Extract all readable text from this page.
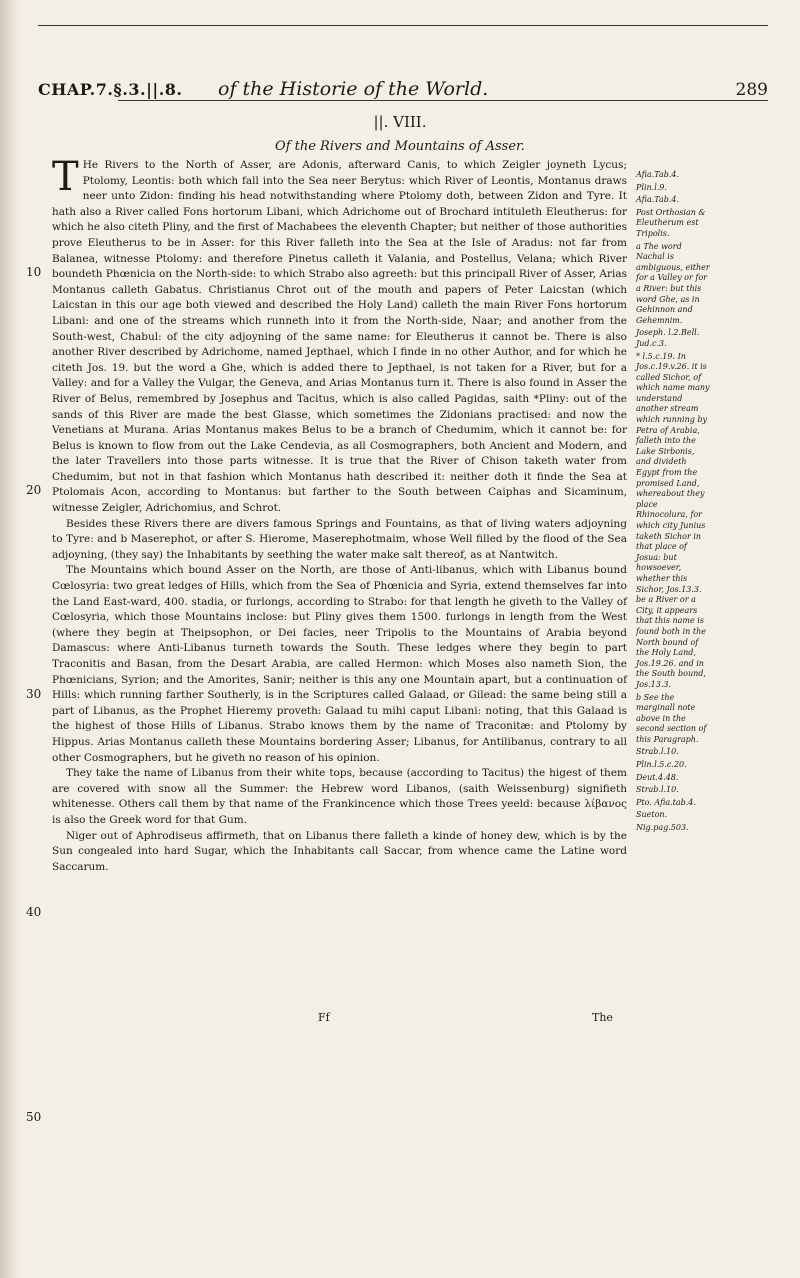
CHAP.7.§.3.||.8. of the Historie of the World.	289
||. VIII.
Of the Rivers and Mountains of Asser.
10
20
30
40
50

T He Rivers to the North of Asser, are Adonis, afterward Canis, to which Zeigler joyneth Lycus; Ptolomy, Leontis: both which fall into the Sea neer Berytus: which River of Leontis, Montanus draws neer unto Zidon: finding his head notwithstanding where Ptolomy doth, between Zidon and Tyre. It hath also a River called Fons hortorum Libani, which Adrichome out of Brochard intituleth Eleutherus: for which he also citeth Pliny, and the first of Machabees the eleventh Chapter; but neither of those authorities prove Eleutherus to be in Asser: for this River falleth into the Sea at the Isle of Aradus: not far from Balanea, witnesse Ptolomy: and therefore Pinetus calleth it Valania, and Postellus, Velana; which River boundeth Phœnicia on the North-side: to which Strabo also agreeth: but this principall River of Asser, Arias Montanus calleth Gabatus. Christianus Chrot out of the mouth and papers of Peter Laicstan (which Laicstan in this our age both viewed and described the Holy Land) calleth the main River Fons hortorum Libani: and one of the streams which runneth into it from the North-side, Naar; and another from the South-west, Chabul: of the city adjoyning of the same name: for Eleutherus it cannot be. There is also another River described by Adrichome, named Jepthael, which I finde in no other Author, and for which he citeth Jos. 19. but the word a Ghe, which is added there to Jepthael, is not taken for a River, but for a Valley: and for a Valley the Vulgar, the Geneva, and Arias Montanus turn it. There is also found in Asser the River of Belus, remembred by Josephus and Tacitus, which is also called Pagidas, saith *Pliny: out of the sands of this River are made the best Glasse, which sometimes the Zidonians practised: and now the Venetians at Murana. Arias Montanus makes Belus to be a branch of Chedumim, which it cannot be: for Belus is known to flow from out the Lake Cendevia, as all Cosmographers, both Ancient and Modern, and the later Travellers into those parts witnesse. It is true that the River of Chison taketh water from Chedumim, but not in that fashion which Montanus hath described it: neither doth it finde the Sea at Ptolomais Acon, according to Montanus: but farther to the South between Caiphas and Sicaminum, witnesse Zeigler, Adrichomius, and Schrot.

Besides these Rivers there are divers famous Springs and Fountains, as that of living waters adjoyning to Tyre: and b Maserephot, or after S. Hierome, Maserephotmaim, whose Well filled by the flood of the Sea adjoyning, (they say) the Inhabitants by seething the water make salt thereof, as at Nantwitch.

The Mountains which bound Asser on the North, are those of Anti-libanus, which with Libanus bound Cœlosyria: two great ledges of Hills, which from the Sea of Phœnicia and Syria, extend themselves far into the Land East-ward, 400. stadia, or furlongs, according to Strabo: for that length he giveth to the Valley of Cœlosyria, which those Mountains inclose: but Pliny gives them 1500. furlongs in length from the West (where they begin at Theipsophon, or Dei facies, neer Tripolis to the Mountains of Arabia beyond Damascus: where Anti-Libanus turneth towards the South. These ledges where they begin to part Traconitis and Basan, from the Desart Arabia, are called Hermon: which Moses also nameth Sion, the Phœnicians, Syrion; and the Amorites, Sanir; neither is this any one Mountain apart, but a continuation of Hills: which running farther Southerly, is in the Scriptures called Galaad, or Gilead: the same being still a part of Libanus, as the Prophet Hieremy proveth: Galaad tu mihi caput Libani: noting, that this Galaad is the highest of those Hills of Libanus. Strabo knows them by the name of Traconitæ: and Ptolomy by Hippus. Arias Montanus calleth these Mountains bordering Asser; Libanus, for Antilibanus, contrary to all other Cosmographers, but he giveth no reason of his opinion.

They take the name of Libanus from their white tops, because (according to Tacitus) the higest of them are covered with snow all the Summer: the Hebrew word Libanos, (saith Weissenburg) signifieth whitenesse. Others call them by that name of the Frankincence which those Trees yeeld: because λίβανος is also the Greek word for that Gum.

Niger out of Aphrodiseus affirmeth, that on Libanus there falleth a kinde of honey dew, which is by the Sun congealed into hard Sugar, which the Inhabitants call Saccar, from whence came the Latine word Saccarum.

Afia.Tab.4.
Plin.l.9.
Afia.Tab.4.
Post Orthosian & Eleutherum est Tripolis.
a The word Nachal is ambiguous, either for a Valley or for a River: but this word Ghe, as in Gehinnon and Gehemnim.
Joseph. l.2.Bell. Jud.c.3.
* l.5.c.19. In Jos.c.19.v.26. it is called Sichor, of which name many understand another stream which running by Petra of Arabia, falleth into the Lake Sirbonis, and divideth Egypt from the promised Land, whereabout they place Rhinocolura, for which city Junius taketh Sichor in that place of Josua: but howsoever, whether this Sichor, Jos.13.3. be a River or a City, it appears that this name is found both in the North bound of the Holy Land, Jos.19.26. and in the South bound, Jos.13.3.
b See the marginall note above in the second section of this Paragraph.
Strab.l.10.
Plin.l.5.c.20.
Deut.4.48.
Strab.l.10.
Pto. Afia.tab.4.
Sueton.
Nig.pag.503.
Ff	The
